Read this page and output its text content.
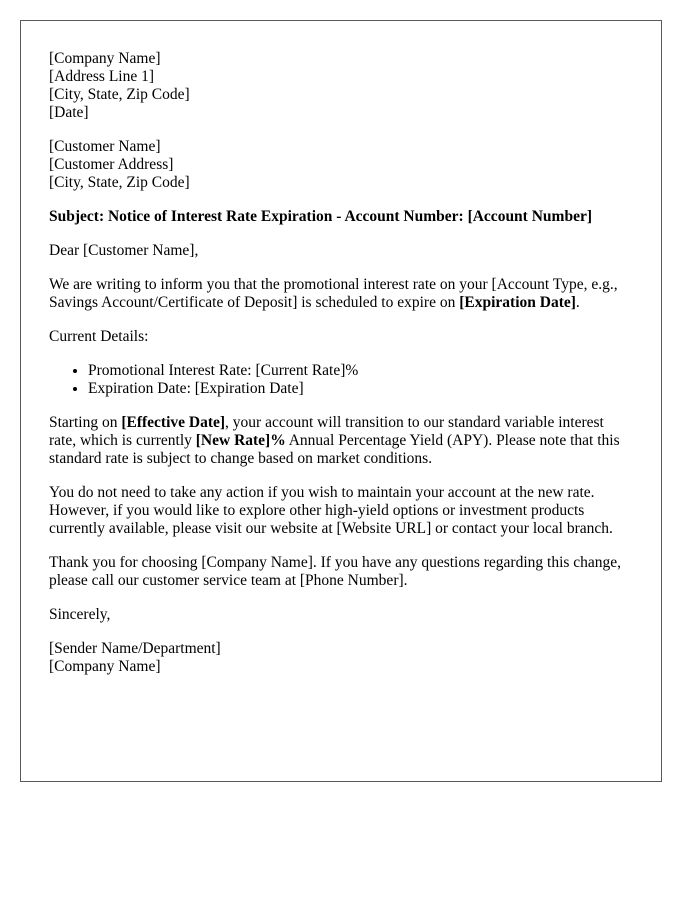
[Company Name]
[Address Line 1]
[City, State, Zip Code]
[Date]
[Customer Name]
[Customer Address]
[City, State, Zip Code]

Subject: Notice of Interest Rate Expiration - Account Number: [Account Number]

Dear [Customer Name],

We are writing to inform you that the promotional interest rate on your [Account Type, e.g., Savings Account/Certificate of Deposit] is scheduled to expire on [Expiration Date].

Current Details:

• Promotional Interest Rate: [Current Rate]%
• Expiration Date: [Expiration Date]

Starting on [Effective Date], your account will transition to our standard variable interest rate, which is currently [New Rate]% Annual Percentage Yield (APY). Please note that this standard rate is subject to change based on market conditions.

You do not need to take any action if you wish to maintain your account at the new rate. However, if you would like to explore other high-yield options or investment products currently available, please visit our website at [Website URL] or contact your local branch.

Thank you for choosing [Company Name]. If you have any questions regarding this change, please call our customer service team at [Phone Number].

Sincerely,

[Sender Name/Department]
[Company Name]
